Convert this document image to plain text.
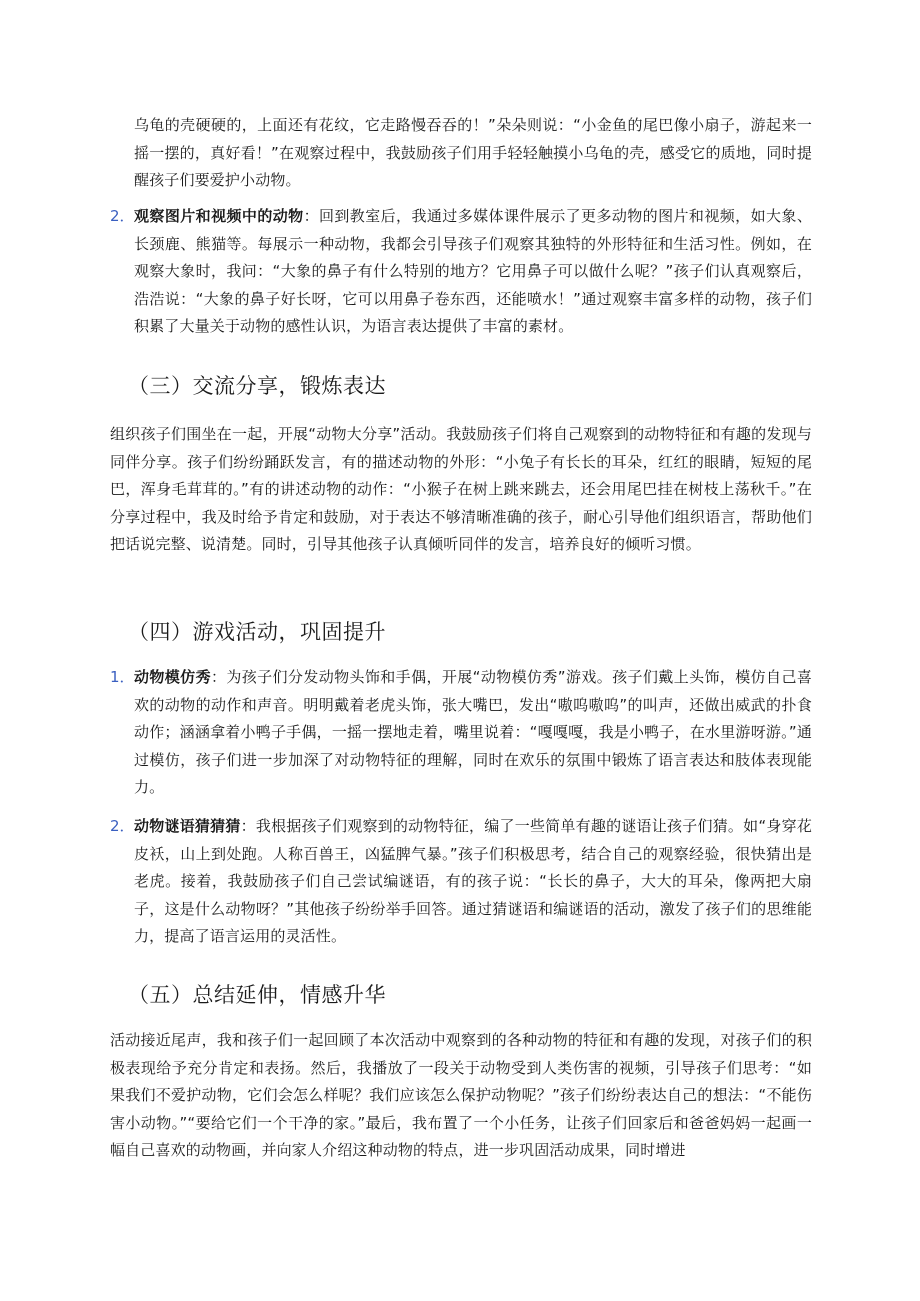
乌龟的壳硬硬的，上面还有花纹，它走路慢吞吞的！”朵朵则说：“小金鱼的尾巴像小扇子，游起来一摇一摆的，真好看！”在观察过程中，我鼓励孩子们用手轻轻触摸小乌龟的壳，感受它的质地，同时提醒孩子们要爱护小动物。

2． 观察图片和视频中的动物：回到教室后，我通过多媒体课件展示了更多动物的图片和视频，如大象、长颈鹿、熊猫等。每展示一种动物，我都会引导孩子们观察其独特的外形特征和生活习性。例如，在观察大象时，我问：“大象的鼻子有什么特别的地方？它用鼻子可以做什么呢？”孩子们认真观察后，浩浩说：“大象的鼻子好长呀，它可以用鼻子卷东西，还能喷水！”通过观察丰富多样的动物，孩子们积累了大量关于动物的感性认识，为语言表达提供了丰富的素材。

（三）交流分享，锻炼表达

组织孩子们围坐在一起，开展“动物大分享”活动。我鼓励孩子们将自己观察到的动物特征和有趣的发现与同伴分享。孩子们纷纷踊跃发言，有的描述动物的外形：“小兔子有长长的耳朵，红红的眼睛，短短的尾巴，浑身毛茸茸的。”有的讲述动物的动作：“小猴子在树上跳来跳去，还会用尾巴挂在树枝上荡秋千。”在分享过程中，我及时给予肯定和鼓励，对于表达不够清晰准确的孩子，耐心引导他们组织语言，帮助他们把话说完整、说清楚。同时，引导其他孩子认真倾听同伴的发言，培养良好的倾听习惯。

（四）游戏活动，巩固提升
1． 动物模仿秀：为孩子们分发动物头饰和手偶，开展“动物模仿秀”游戏。孩子们戴上头饰，模仿自己喜欢的动物的动作和声音。明明戴着老虎头饰，张大嘴巴，发出“嗷呜嗷呜”的叫声，还做出威武的扑食动作；涵涵拿着小鸭子手偶，一摇一摆地走着，嘴里说着：“嘎嘎嘎，我是小鸭子，在水里游呀游。”通过模仿，孩子们进一步加深了对动物特征的理解，同时在欢乐的氛围中锻炼了语言表达和肢体表现能力。

2． 动物谜语猜猜猜：我根据孩子们观察到的动物特征，编了一些简单有趣的谜语让孩子们猜。如“身穿花皮袄，山上到处跑。人称百兽王，凶猛脾气暴。”孩子们积极思考，结合自己的观察经验，很快猜出是老虎。接着，我鼓励孩子们自己尝试编谜语，有的孩子说：“长长的鼻子，大大的耳朵，像两把大扇子，这是什么动物呀？”其他孩子纷纷举手回答。通过猜谜语和编谜语的活动，激发了孩子们的思维能力，提高了语言运用的灵活性。

（五）总结延伸，情感升华

活动接近尾声，我和孩子们一起回顾了本次活动中观察到的各种动物的特征和有趣的发现，对孩子们的积极表现给予充分肯定和表扬。然后，我播放了一段关于动物受到人类伤害的视频，引导孩子们思考：“如果我们不爱护动物，它们会怎么样呢？我们应该怎么保护动物呢？”孩子们纷纷表达自己的想法：“不能伤害小动物。”“要给它们一个干净的家。”最后，我布置了一个小任务，让孩子们回家后和爸爸妈妈一起画一幅自己喜欢的动物画，并向家人介绍这种动物的特点，进一步巩固活动成果，同时增进
